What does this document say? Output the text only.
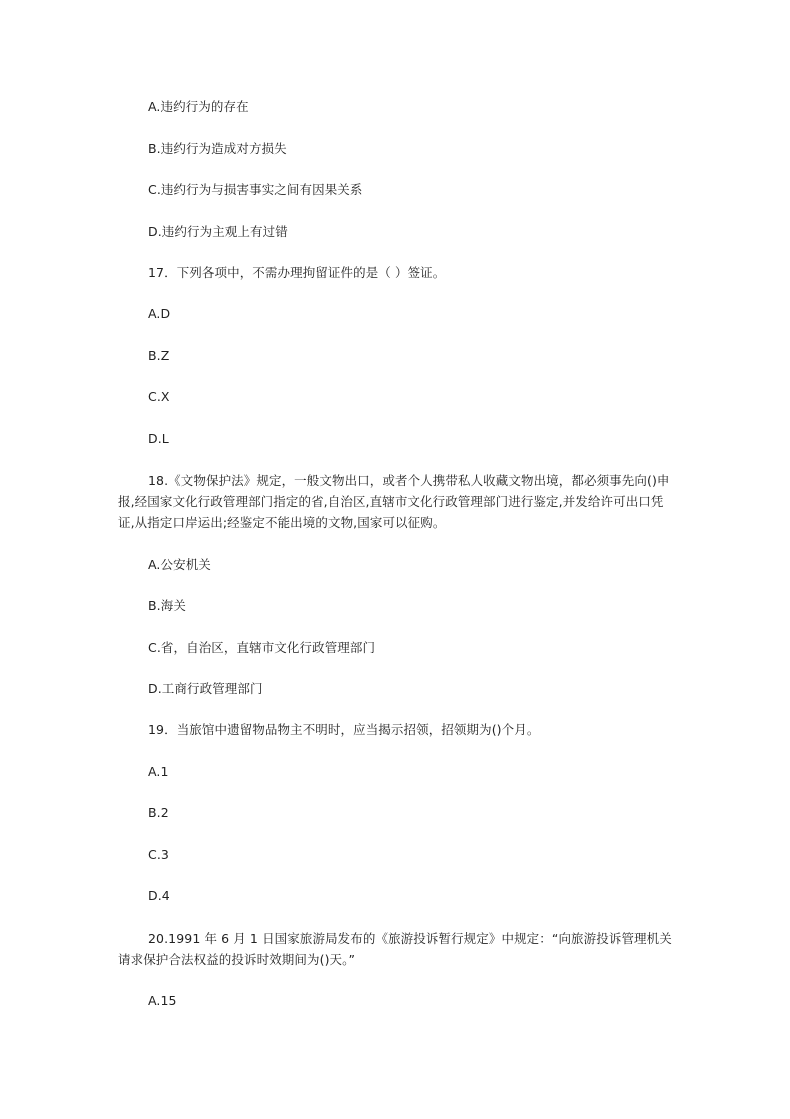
A.违约行为的存在
B.违约行为造成对方损失
C.违约行为与损害事实之间有因果关系
D.违约行为主观上有过错
17．下列各项中，不需办理拘留证件的是（ ）签证。
A.D
B.Z
C.X
D.L
18.《文物保护法》规定，一般文物出口，或者个人携带私人收藏文物出境，都必须事先向()申报,经国家文化行政管理部门指定的省,自治区,直辖市文化行政管理部门进行鉴定,并发给许可出口凭证,从指定口岸运出;经鉴定不能出境的文物,国家可以征购。
A.公安机关
B.海关
C.省，自治区，直辖市文化行政管理部门
D.工商行政管理部门
19．当旅馆中遗留物品物主不明时，应当揭示招领，招领期为()个月。
A.1
B.2
C.3
D.4
20.1991 年 6 月 1 日国家旅游局发布的《旅游投诉暂行规定》中规定：“向旅游投诉管理机关请求保护合法权益的投诉时效期间为()天。”
A.15
